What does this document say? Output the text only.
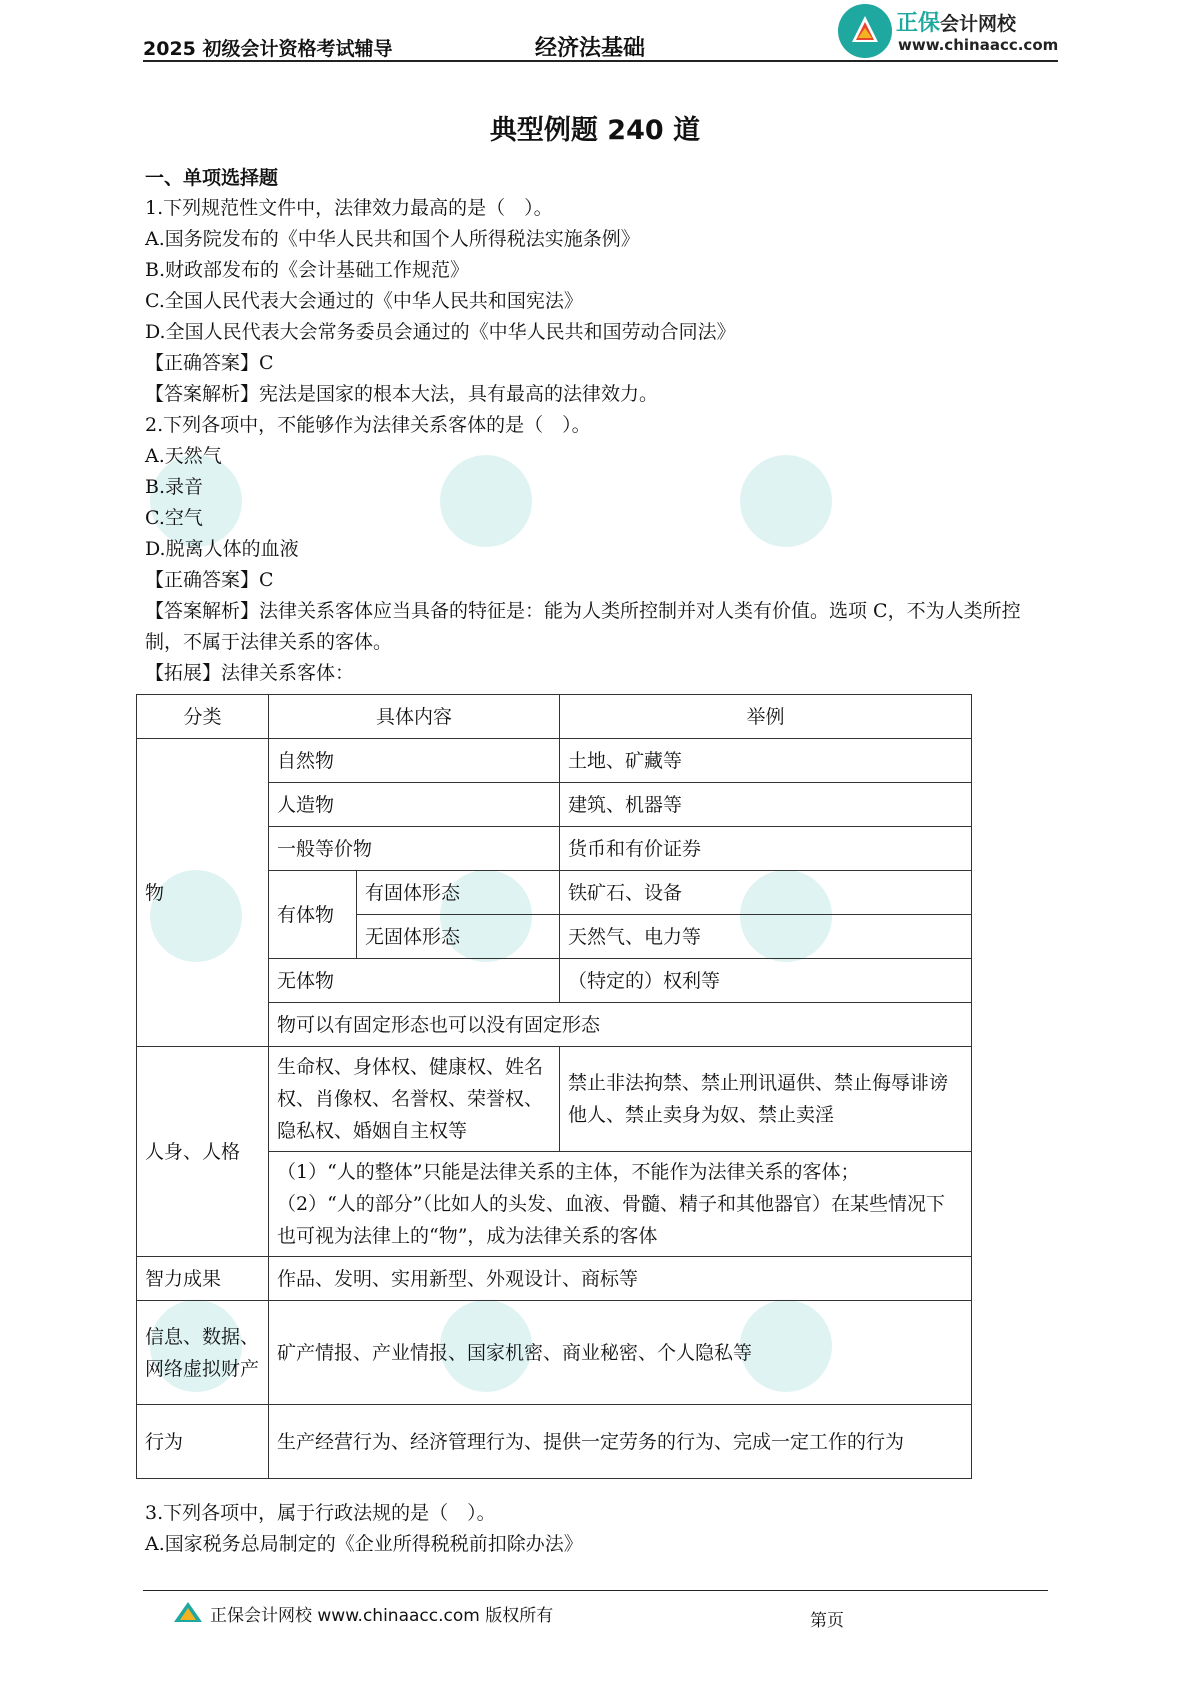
2025 初级会计资格考试辅导	经济法基础
正保会计网校
www.chinaacc.com
典型例题 240 道
一、单项选择题
1.下列规范性文件中，法律效力最高的是（　）。
A.国务院发布的《中华人民共和国个人所得税法实施条例》
B.财政部发布的《会计基础工作规范》
C.全国人民代表大会通过的《中华人民共和国宪法》
D.全国人民代表大会常务委员会通过的《中华人民共和国劳动合同法》
【正确答案】C
【答案解析】宪法是国家的根本大法，具有最高的法律效力。
2.下列各项中，不能够作为法律关系客体的是（　）。
A.天然气
B.录音
C.空气
D.脱离人体的血液
【正确答案】C
【答案解析】法律关系客体应当具备的特征是：能为人类所控制并对人类有价值。选项 C，不为人类所控制，不属于法律关系的客体。
【拓展】法律关系客体：
分类	具体内容		举例
物	自然物		土地、矿藏等
	人造物		建筑、机器等
	一般等价物		货币和有价证券
	有体物	有固体形态	铁矿石、设备
		无固体形态	天然气、电力等
	无体物		（特定的）权利等
	物可以有固定形态也可以没有固定形态		
人身、人格	生命权、身体权、健康权、姓名权、肖像权、名誉权、荣誉权、隐私权、婚姻自主权等		禁止非法拘禁、禁止刑讯逼供、禁止侮辱诽谤他人、禁止卖身为奴、禁止卖淫

	（1）“人的整体”只能是法律关系的主体，不能作为法律关系的客体；
（2）“人的部分”（比如人的头发、血液、骨髓、精子和其他器官）在某些情况下也可视为法律上的“物”，成为法律关系的客体		

智力成果	作品、发明、实用新型、外观设计、商标等		
信息、数据、网络虚拟财产	矿产情报、产业情报、国家机密、商业秘密、个人隐私等		
行为	生产经营行为、经济管理行为、提供一定劳务的行为、完成一定工作的行为		
3.下列各项中，属于行政法规的是（　）。
A.国家税务总局制定的《企业所得税税前扣除办法》
正保会计网校 www.chinaacc.com 版权所有	第页
